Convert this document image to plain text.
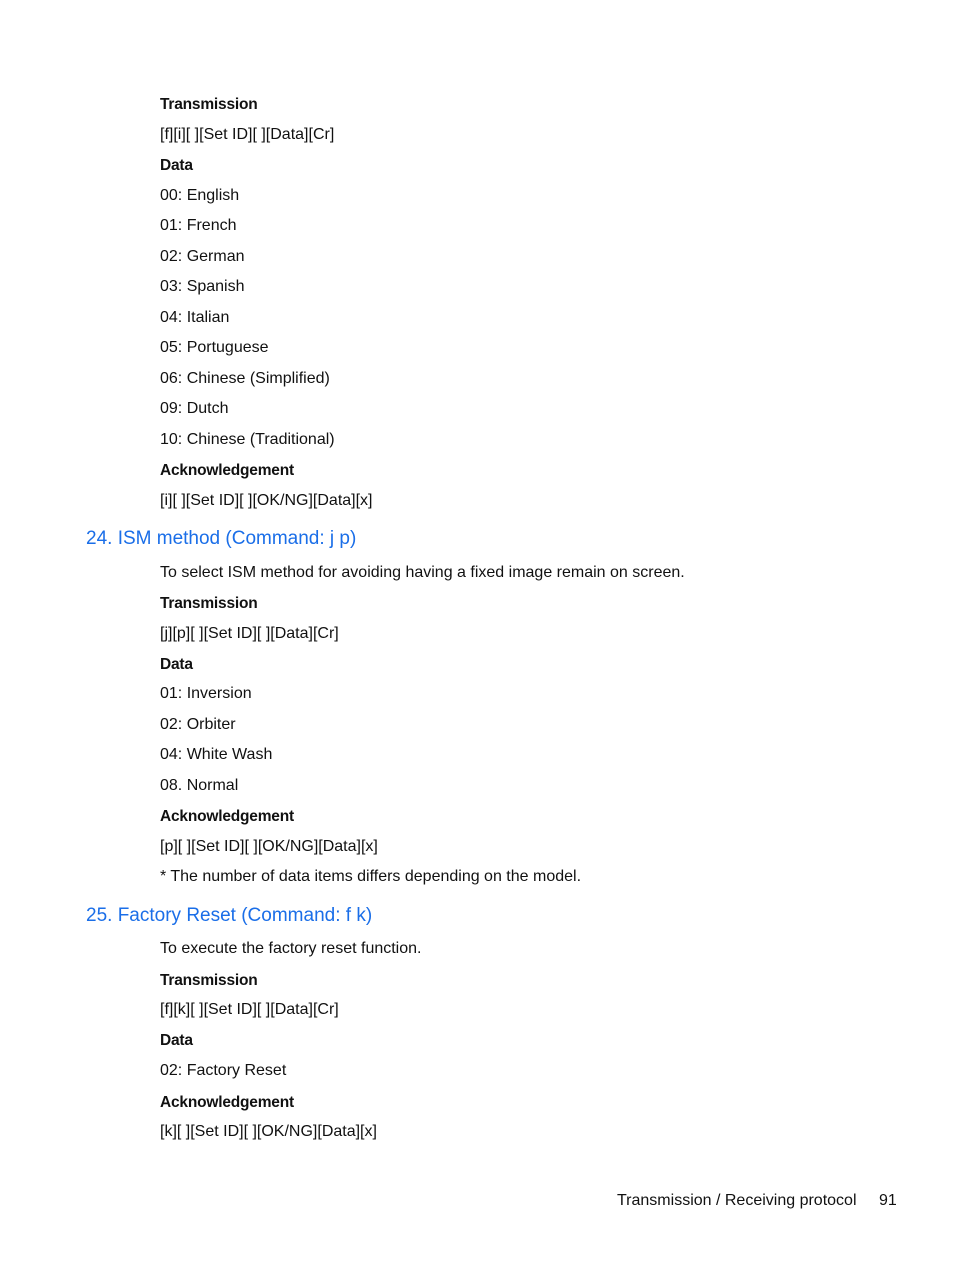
Transmission
[f][i][ ][Set ID][ ][Data][Cr]
Data
00: English
01: French
02: German
03: Spanish
04: Italian
05: Portuguese
06: Chinese (Simplified)
09: Dutch
10: Chinese (Traditional)
Acknowledgement
[i][ ][Set ID][ ][OK/NG][Data][x]
24. ISM method (Command: j p)
To select ISM method for avoiding having a fixed image remain on screen.
Transmission
[j][p][ ][Set ID][ ][Data][Cr]
Data
01: Inversion
02: Orbiter
04: White Wash
08. Normal
Acknowledgement
[p][ ][Set ID][ ][OK/NG][Data][x]
* The number of data items differs depending on the model.
25. Factory Reset (Command: f k)
To execute the factory reset function.
Transmission
[f][k][ ][Set ID][ ][Data][Cr]
Data
02: Factory Reset
Acknowledgement
[k][ ][Set ID][ ][OK/NG][Data][x]
Transmission / Receiving protocol 91
